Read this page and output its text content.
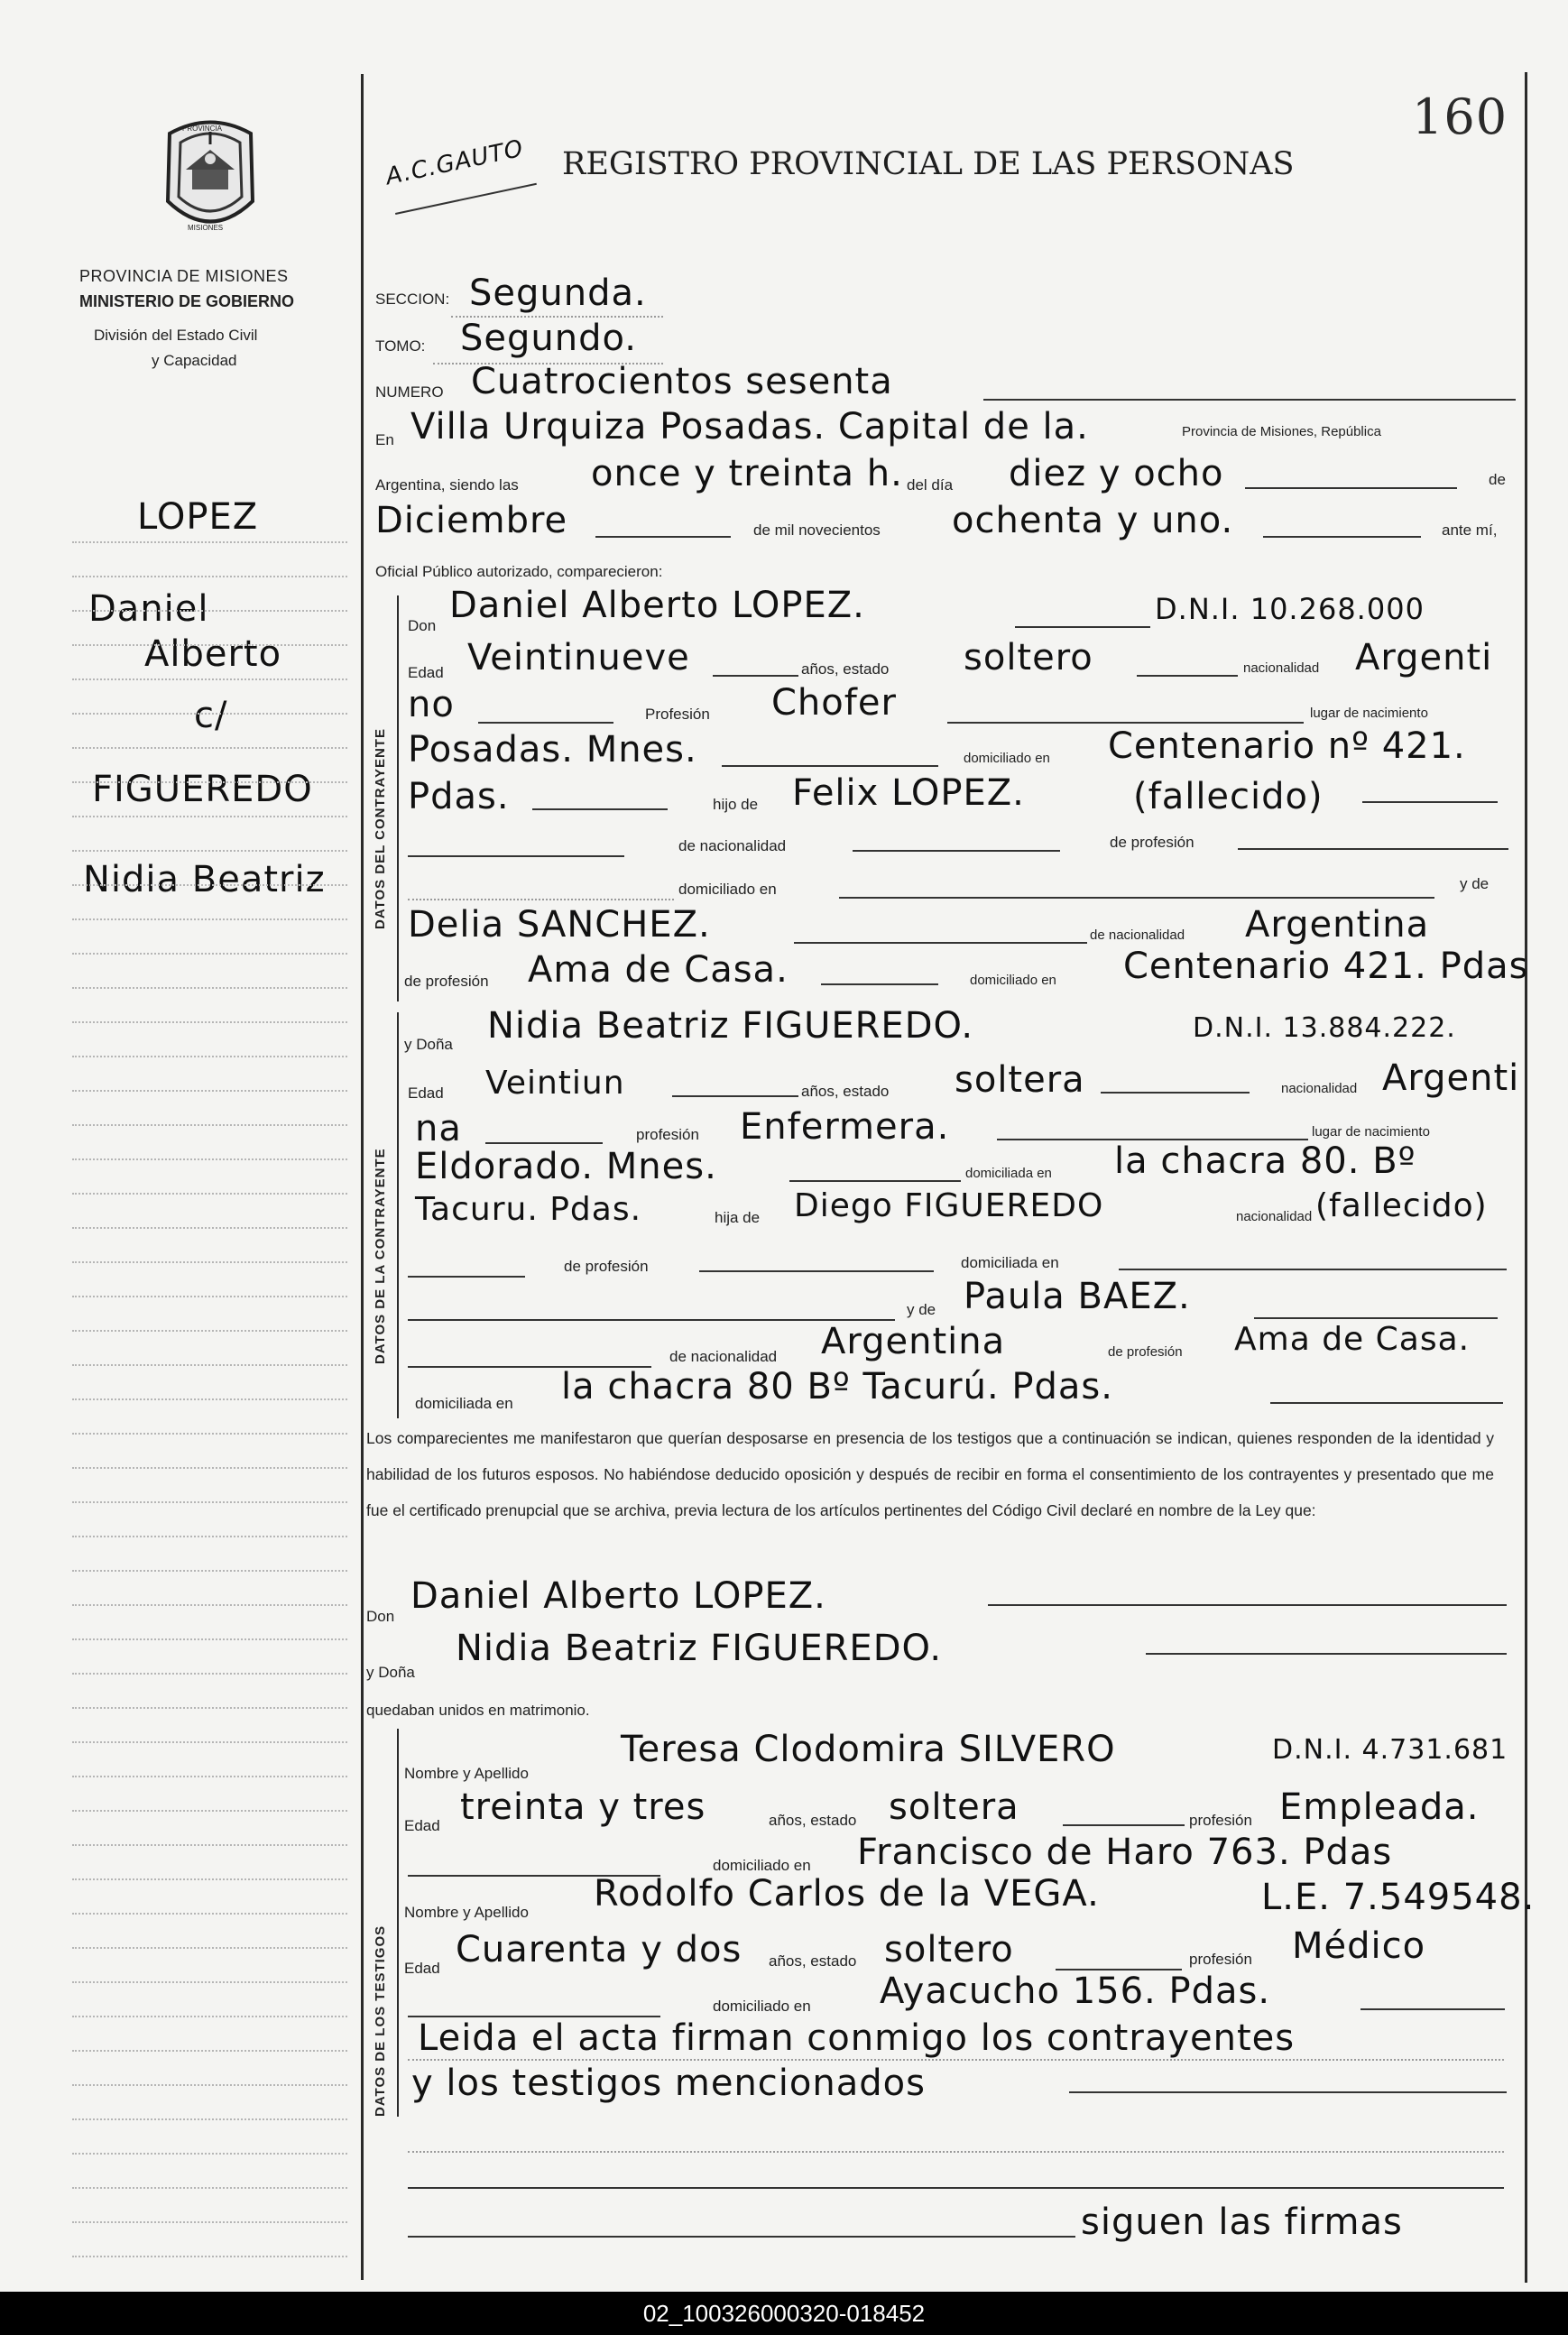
PROVINCIA
MISIONES
PROVINCIA DE MISIONES
MINISTERIO DE GOBIERNO
División del Estado Civil
y Capacidad
160
A.C.GAUTO REGISTRO PROVINCIAL DE LAS PERSONAS
SECCION: Segunda.
TOMO: Segundo.
NUMERO Cuatrocientos sesenta
En Villa Urquiza Posadas. Capital de la.	Provincia de Misiones, República
Argentina, siendo las once y treinta h. del día diez y ocho	de
Diciembre	de mil novecientos ochenta y uno.	ante mí,
Oficial Público autorizado, comparecieron:
DATOS DEL CONTRAYENTE
Don Daniel Alberto LOPEZ.	D.N.I. 10.268.000
Edad Veintinueve	años, estado soltero	nacionalidad Argenti
no	Profesión Chofer	lugar de nacimiento
Posadas. Mnes.	domiciliado en Centenario nº 421.
Pdas.	hijo de Felix LOPEZ.	(fallecido)
de nacionalidad	de profesión
domiciliado en	y de
Delia SANCHEZ.	de nacionalidad Argentina
de profesión Ama de Casa.	domiciliado en Centenario 421. Pdas
DATOS DE LA CONTRAYENTE
y Doña Nidia Beatriz FIGUEREDO.	D.N.I. 13.884.222.
Edad Veintiun	años, estado soltera	nacionalidad Argenti
na	profesión Enfermera.	lugar de nacimiento
Eldorado. Mnes.	domiciliada en la chacra 80. Bº
Tacuru. Pdas.	hija de Diego FIGUEREDO	nacionalidad (fallecido)
de profesión	domiciliada en
y de Paula BAEZ.
de nacionalidad Argentina	de profesión Ama de Casa.
domiciliada en la chacra 80 Bº Tacurú. Pdas.
Los comparecientes me manifestaron que querían desposarse en presencia de los testigos que a continuación se indican, quienes responden de la identidad y habilidad de los futuros esposos. No habiéndose deducido oposición y después de recibir en forma el consentimiento de los contrayentes y presentado que me fue el certificado prenupcial que se archiva, previa lectura de los artículos pertinentes del Código Civil declaré en nombre de la Ley que:
Don Daniel Alberto LOPEZ.
y Doña
Nidia Beatriz FIGUEREDO.
quedaban unidos en matrimonio.
DATOS DE LOS TESTIGOS
Nombre y Apellido
Teresa Clodomira SILVERO	D.N.I. 4.731.681
Edad treinta y tres	años, estado soltera	profesión Empleada.
domiciliado en Francisco de Haro 763. Pdas
Nombre y Apellido Rodolfo Carlos de la VEGA.	L.E. 7.549548.
Edad Cuarenta y dos años, estado soltero	profesión Médico
domiciliado en Ayacucho 156. Pdas.
Leida el acta firman conmigo los contrayentes
y los testigos mencionados
siguen las firmas
LOPEZ
Daniel
Alberto
c/
FIGUEREDO
Nidia Beatriz
02_100326000320-018452
